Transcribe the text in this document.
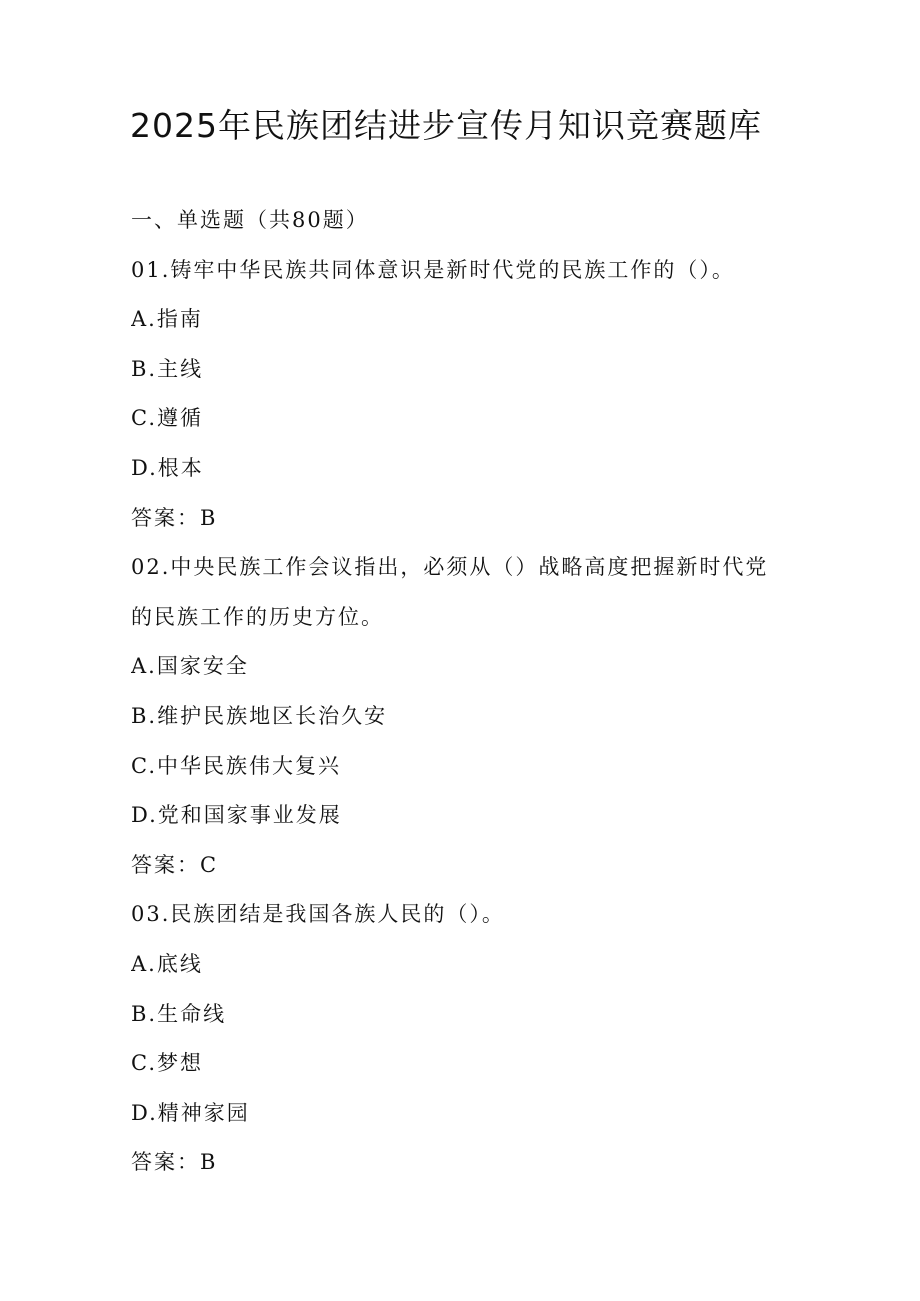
2025年民族团结进步宣传月知识竞赛题库
一、单选题（共80题）
01.铸牢中华民族共同体意识是新时代党的民族工作的（）。
A.指南
B.主线
C.遵循
D.根本
答案：B
02.中央民族工作会议指出，必须从（）战略高度把握新时代党
的民族工作的历史方位。
A.国家安全
B.维护民族地区长治久安
C.中华民族伟大复兴
D.党和国家事业发展
答案：C
03.民族团结是我国各族人民的（）。
A.底线
B.生命线
C.梦想
D.精神家园
答案：B
